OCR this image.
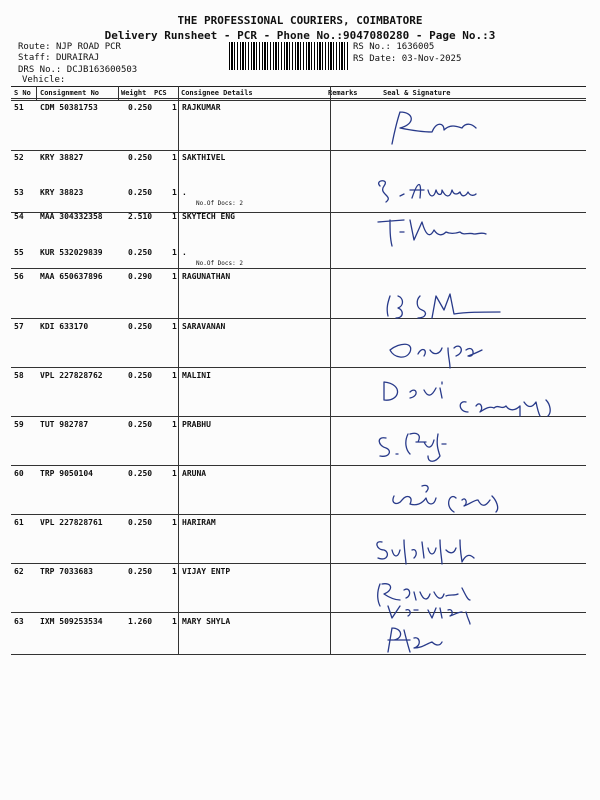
THE PROFESSIONAL COURIERS, COIMBATORE
Delivery Runsheet - PCR - Phone No.:9047080280 - Page No.:3
Route: NJP ROAD PCR
Staff: DURAIRAJ
DRS No.: DCJB163600503
Vehicle:
RS No.: 1636005
RS Date: 03-Nov-2025
S No Consignment No	Weight PCS Consignee Details	Remarks	Seal & Signature
51 CDM 50381753	0.250 1 RAJKUMAR
52 KRY 38827	0.250 1 SAKTHIVEL
53 KRY 38823	0.250 1 .
No.Of Docs: 2
54 MAA 304332358	2.510 1 SKYTECH ENG
55 KUR 532029839	0.250 1 .
No.Of Docs: 2
56 MAA 650637896	0.290 1 RAGUNATHAN
57 KDI 633170	0.250 1 SARAVANAN
58 VPL 227828762	0.250 1 MALINI
59 TUT 982787	0.250 1 PRABHU
60 TRP 9050104	0.250 1 ARUNA
61 VPL 227828761	0.250 1 HARIRAM
62 TRP 7033683	0.250 1 VIJAY ENTP
63 IXM 509253534	1.260 1 MARY SHYLA
